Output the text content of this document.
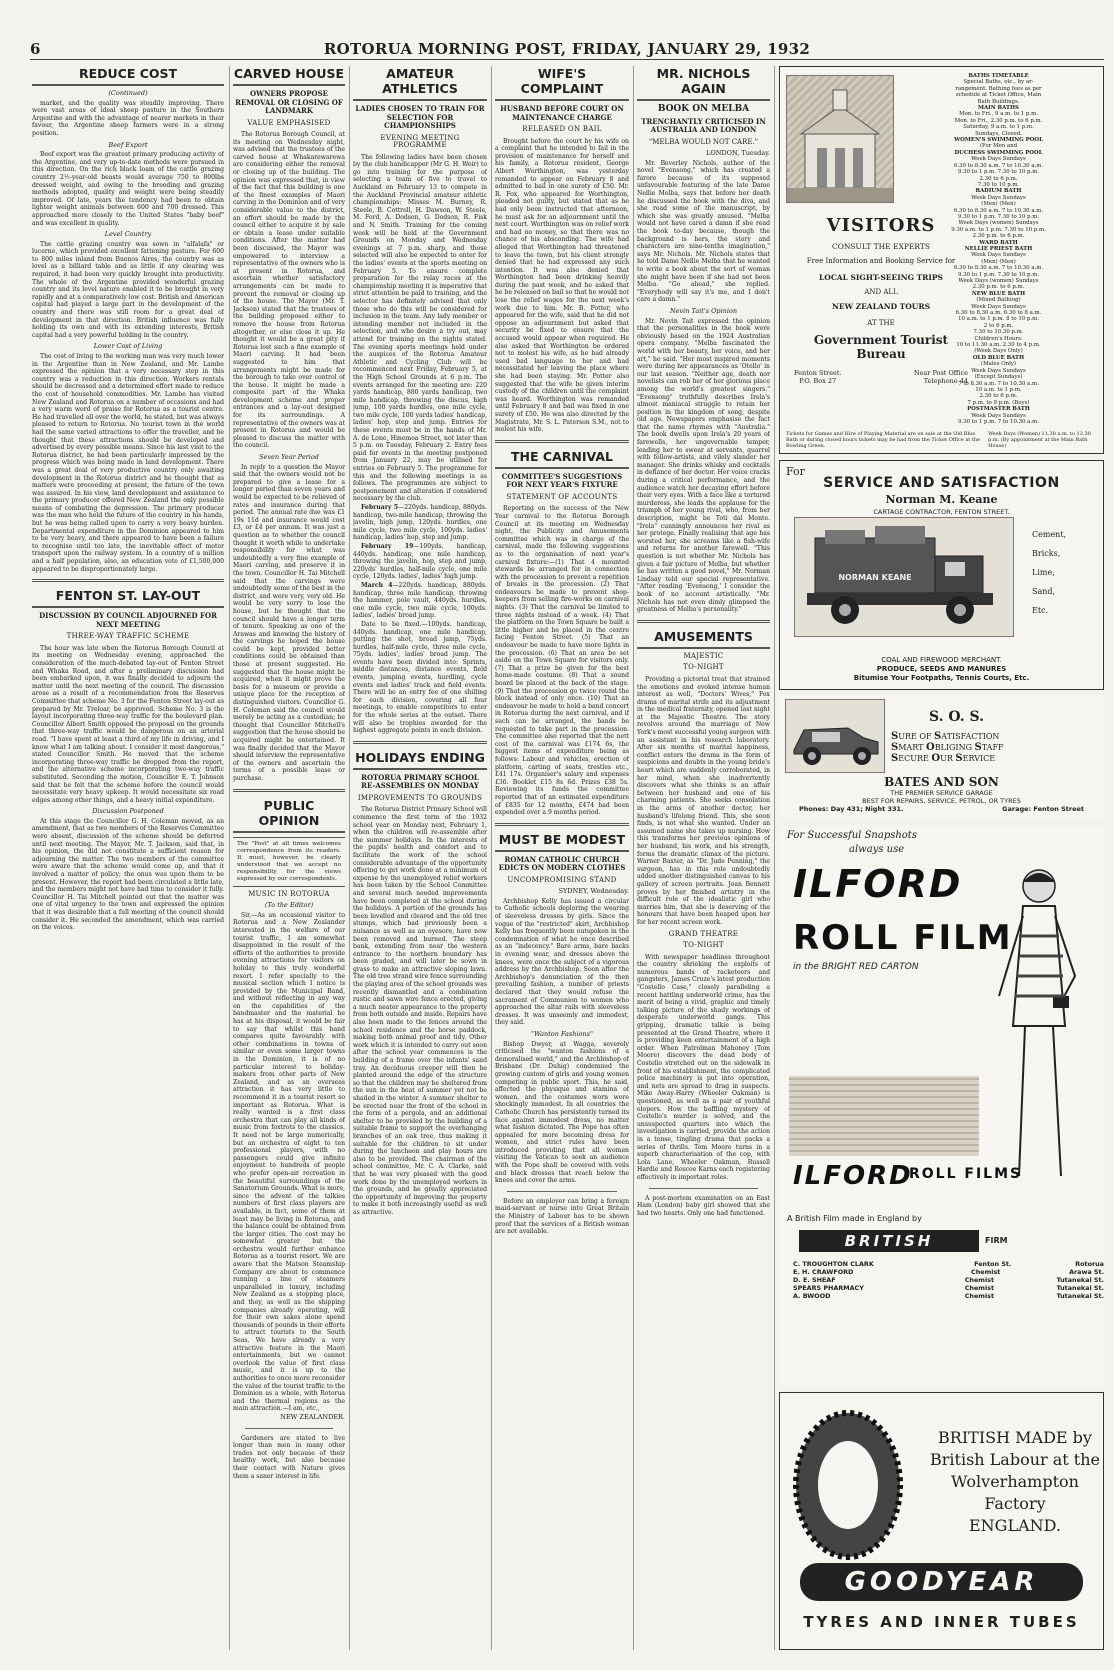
6	ROTORUA MORNING POST, FRIDAY, JANUARY 29, 1932
REDUCE COST
(Continued)

market, and the quality was steadily improving. There were vast areas of ideal sheep pasture in the Southern Argentine and with the advantage of nearer markets in their favour, the Argentine sheep farmers were in a strong position.

Beef Export

Beef export was the greatest primary producing activity of the Argentine, and very up-to-date methods were pursued in this direction. On the rich black loam of the cattle grazing country 2½-year-old beasts would average 750 to 800lbs dressed weight, and owing to the breeding and grazing methods adopted, quality and weight were being steadily improved. Of late, years the tendency had been to obtain lighter weight animals between 600 and 700 dressed. This approached more closely to the United States "baby beef" and was excellent in quality.

Level Country

The cattle grazing country was sown in "alfalafa" or lucerne, which provided excellent fattening pasture. For 600 to 800 miles inland from Buenos Aires, the country was as level as a billiard table and as little if any clearing was required, it had been very quickly brought into productivity. The whole of the Argentine provided wonderful grazing country and its level nature enabled it to be brought in very rapidly and at a comparatively low cost. British and American capital had played a large part in the development of the country and there was still room for a great deal of development in that direction. British influence was fully holding its own and with its extending interests, British capital had a very powerful holding in the country.

Lower Cost of Living

The cost of living to the working man was very much lower in the Argentine than in New Zealand, and Mr. Lambe expressed the opinion that a very necessary step in this country was a reduction in this direction. Workers rentals should be decreased and a determined effort made to reduce the cost of household commodities. Mr. Lambe has visited New Zealand and Rotorua on a number of occasions and had a very warm word of praise for Rotorua as a tourist centre. He had travelled all over the world, he stated, but was always pleased to return to Rotorua. No tourist town in the world had the same varied attractions to offer the traveller, and he thought that these attractions should be developed and advertised by every possible means. Since his last visit to the Rotorua district, he had been particularly impressed by the progress which was being made in land development. There was a great deal of very productive country only awaiting development in the Rotorua district and he thought that as matters were proceeding at present, the future of the town was assured. In his view, land development and assistance to the primary producer offered New Zealand the only possible means of combating the depression. The primary producer was the man who held the future of the country in his hands, but he was being called upon to carry a very heavy burden. Departmental expenditure in the Dominion appeared to him to be very heavy, and there appeared to have been a failure to recognise until too late, the inevitable effect of motor transport upon the railway system. In a country of a million and a half population, also, an education vote of £1,500,000 appeared to be disproportionately large.

FENTON ST. LAY-OUT
DISCUSSION BY COUNCIL ADJOURNED FOR NEXT MEETING
THREE-WAY TRAFFIC SCHEME

The hour was late when the Rotorua Borough Council at its meeting on Wednesday evening, approached the consideration of the much-debated lay-out of Fenton Street and Whaka Road, and after a preliminary discussion had been embarked upon, it was finally decided to adjourn the matter until the next meeting of the council. The discussion arose as a result of a recommendation from the Reserves Committee that scheme No. 3 for the Fenton Street lay-out as prepared by Mr. Treloar, be approved. Scheme No. 3 is the layout incorporating three-way traffic for the boulevard plan. Councillor Albert Smith opposed the proposal on the grounds that three-way traffic would be dangerous on an arterial road. "I have spent at least a third of my life in driving, and I know what I am talking about. I consider it most dangerous," stated Councillor Smith. He moved that the scheme incorporating three-way traffic be dropped from the report, and the alternative scheme incorporating two-way traffic substituted. Seconding the motion, Councillor E. T. Johnson said that he felt that the scheme before the council would necessitate very heavy upkeep. It would necessitate six road edges among other things, and a heavy initial expenditure.

Discussion Postponed

At this stage the Councillor G. H. Coleman moved, as an amendment, that as two members of the Reserves Committee were absent, discussion of the scheme should be deferred until next meeting. The Mayor, Mr. T. Jackson, said that, in his opinion, the did not constitute a sufficient reason for adjourning the matter. The two members of the committee were aware that the scheme would come up, and that it involved a matter of policy; the onus was upon them to be present. However, the report had been circulated a little late, and the members might not have had time to consider it fully. Councillor H. Tai Mitchell pointed out that the matter was one of vital urgency to the town and expressed the opinion that it was desirable that a full meeting of the council should consider it. He seconded the amendment, which was carried on the voices.

CARVED HOUSE
OWNERS PROPOSE REMOVAL OR CLOSING OF LANDMARK
VALUE EMPHASISED

The Rotorua Borough Council, at its meeting on Wednesday night, was advised that the trustees of the carved house at Whakarewarewa are considering either the removal or closing up of the building. The opinion was expressed that, in view of the fact that this building is one of the finest examples of Maori carving in the Dominion and of very considerable value to the district, an effort should be made by the council either to acquire it by sale or obtain a lease under suitable conditions. After the matter had been discussed, the Mayor was empowered to interview a representative of the owners who is at present in Rotorua, and ascertain whether satisfactory arrangements can be made to prevent the removal or closing up of the house. The Mayor (Mr. T. Jackson) stated that the trustees of the building proposed either to remove the house from Rotorua altogether, or else close it up. He thought it would be a great pity if Rotorua lost such a fine example of Maori carving. It had been suggested to him that arrangements might be made for the borough to take over control of the house. It might be made a composite part of the Whaka development scheme and proper entrances and a lay-out designed for its surroundings. A representative of the owners was at present in Rotorua and would be pleased to discuss the matter with the council.

Seven Year Period

In reply to a question the Mayor said that the owners would not be prepared to give a lease for a longer period than seven years and would be expected to be relieved of rates and insurance during that period. The annual rate due was £1 19s 11d and insurance would cost £3, or £4 per annum. It was just a question as to whether the council thought it worth while to undertake responsibility for what was undoubtedly a very fine example of Maori carving, and preserve it in the town. Councillor H. Tai Mitchell said that the carvings were undoubtedly some of the best in the district, and were very, very old. He would be very sorry to lose the house, but he thought that the council should have a longer term of tenure. Speaking as one of the Arawas and knowing the history of the carvings he hoped the house could be kept, provided better conditions could be obtained than those at present suggested. He suggested that the house might be acquired, when it might prove the basis for a museum or provide a unique place for the reception of distinguished visitors. Councillor G. H. Coleman said the council would merely be acting as a custodian; he thought that Councillor Mitchell's suggestion that the house should be acquired might be entertained. It was finally decided that the Mayor should interview the representative of the owners and ascertain the terms of a possible lease or purchase.

PUBLIC OPINION
The "Post" at all times welcomes correspondence from its readers. It must, however, be clearly understood that we accept no responsibility for the views expressed by our correspondents.
MUSIC IN ROTORUA
(To the Editor)

Sir,—As an occasional visitor to Rotorua and a New Zealander interested in the welfare of our tourist traffic, I am somewhat disappointed in the result of the efforts of the authorities to provide evening attractions for visitors on holiday to this truly wonderful resort. I refer specially to the musical section which I notice is provided by the Municipal Band, and without reflecting in any way on the capabilities of the bandmaster and the material he has at his disposal, it would be fair to say that whilst this band compares quite favourably with other combinations in towns of similar or even some larger towns in the Dominion, it is of no particular interest to holiday-makers from other parts of New Zealand, and as an overseas attraction it has very little to recommend it in a tourist resort so important as Rotorua. What is really wanted is a first class orchestra that can play all kinds of music from foxtrots to the classics. It need not be large numerically, but an orchestra of eight to ten professional players, with no passengers could give infinite enjoyment to hundreds of people who prefer open-air recreation in the beautiful surroundings of the Sanatorium Grounds. What is more, since the advent of the talkies numbers of first class players are available, in fact, some of them at least may be living in Rotorua, and the balance could be obtained from the larger cities. The cost may be somewhat greater but the orchestra would further enhance Rotorua as a tourist resort. We are aware that the Matson Steamship Company are about to commence running a line of steamers unparalleled in luxury, including New Zealand as a stopping place, and they, as well as the shipping companies already operating, will for their own sakes alone spend thousands of pounds in their efforts to attract tourists to the South Seas. We have already a very attractive feature in the Maori entertainments, but we cannot overlook the value of first class music, and it is up to the authorities to once more reconsider the value of the tourist traffic to the Dominion as a whole, with Rotorua and the thermal regions as the main attraction.—I am, etc.,

NEW ZEALANDER.

Gardeners are stated to live longer than men in many other trades not only because of their healthy work, but also because their contact with Nature gives them a saner interest in life.

AMATEUR ATHLETICS
LADIES CHOSEN TO TRAIN FOR SELECTION FOR CHAMPIONSHIPS
EVENING MEETING PROGRAMME

The following ladies have been chosen by the club handicapper (Mr G. H. Weir) to go into training for the purpose of selecting a team of five to travel to Auckland on February 13 to compete in the Auckland Provincial amateur athletic championships: Misses M. Burney, R. Steele, B. Cottrell, H. Dawson, W. Steele, M. Ford, A. Dodson, G. Dodson, R. Fisk and N. Smith. Training for the coming week will be held at the Government Grounds on Monday and Wednesday evenings at 7 p.m. sharp, and those selected will also be expected to enter for the ladies' events at the sports meeting on February 5. To ensure complete preparation for the relay races at the championship meeting it is imperative that strict attention be paid to training, and the selector has definitely advised that only those who do this will be considered for inclusion in the team. Any lady member or intending member not included in the selection, and who desire a try out, may attend for training on the nights stated. The evening sports meetings held under the auspices of the Rotorua Amateur Athletic and Cycling Club will be recommenced next Friday, February 5, at the High School Grounds at 6 p.m. The events arranged for the meeting are: 220 yards handicap, 880 yards handicap, two mile handicap, throwing the discus, high jump, 100 yards hurdles, one mile cycle, two mile cycle, 100 yards ladies' handicap, ladies' hop, step and jump. Entries for these events must be in the hands of Mr. A. de Lone, Hinemoa Street, not later than 5 p.m. on Tuesday, February 2. Entry fees paid for events in the meeting postponed from January 22, may be utilised for entries on February 5. The programme for this and the following meetings is as follows. The programmes are subject to postponement and alteration if considered necessary by the club.

February 5—220yds. handicap, 880yds. handicap, two-mile handicap, throwing the javelin, high jump, 120yds. hurdles, one mile cycle, two mile cycle, 100yds. ladies' handicap, ladies' hop, step and jump.

February 19—100yds. handicap, 440yds. handicap, one mile handicap, throwing the javelin, hop, step and jump, 220yds' hurdles, half-mile cycle, one mile cycle, 120yds. ladies', ladies' high jump.

March 4—220yds. handicap, 880yds. handicap, three mile handicap, throwing the hammer, pole vault, 440yds. hurdles, one mile cycle, two mile cycle, 100yds. ladies', ladies' broad jump.

Date to be fixed.—100yds. handicap, 440yds. handicap, one mile handicap, putting the shot, broad jump, 75yds. hurdles, half-mile cycle, three mile cycle, 75yds. ladies', ladies' broad jump. The events have been divided into: Sprints, middle distances, distance events, field events, jumping events, hurdling, cycle events and ladies' track and field events. There will be an entry fee of one shilling for each division, covering all four meetings, to enable competitors to enter for the whole series at the outset. There will also be trophies awarded for the highest aggregate points in each division.

HOLIDAYS ENDING
ROTORUA PRIMARY SCHOOL RE-ASSEMBLES ON MONDAY
IMPROVEMENTS TO GROUNDS

The Rotorua District Primary School will commence the first term of the 1932 school year on Monday next, February 1, when the children will re-assemble after the summer holidays. In the interests of the pupils' health and comfort and to facilitate the work of the school considerable advantage of the opportunity offering to get work done at a minimum of expense by the unemployed relief workers has been taken by the School Committee and several much needed improvements have been completed at the school during the holidays. A portion of the grounds has been levelled and cleared and the old tree stumps, which had previously been a nuisance as well as an eyesore, have now been removed and burned. The steep bank, extending from near the western entrance to the northern boundary has been graded, and will later be sown in grass to make an attractive sloping lawn. The old tree strand wire fence surrounding the playing area of the school grounds was recently dismantled and a combination rustic and sawn wire fence erected, giving a much neater appearance to the property from both outside and inside. Repairs have also been made to the fences around the school residence and the horse paddock, making both animal proof and tidy. Other work which it is intended to carry out soon after the school year commences is the building of a frame over the infants' sand tray. An deciduous creeper will then be planted around the edge of the structure so that the children may be sheltered from the sun in the heat of summer yet not be shaded in the winter. A summer shelter to be erected near the front of the school in the form of a pergola, and an additional shelter to be provided by the building of a suitable frame to support the overhanging branches of an oak tree, thus making it suitable for the children to sit under during the luncheon and play hours are also to be provided. The chairman of the school committee, Mr. C. A. Clarke, said that he was very pleased with the good work done by the unemployed workers in the grounds, and he greatly appreciated the opportunity of improving the property to make it both increasingly useful as well as attractive.

WIFE'S COMPLAINT
HUSBAND BEFORE COURT ON MAINTENANCE CHARGE
RELEASED ON BAIL

Brought before the court by his wife on a complaint that he intended to fail in the provision of maintenance for herself and his family, a Rotorua resident, George Albert Worthington, was yesterday remanded to appear on February 8 and admitted to bail in one surety of £50. Mr. R. Fox, who appeared for Worthington, pleaded not guilty, but stated that as he had only been instructed that afternoon, he must ask for an adjournment until the next court. Worthington was on relief work and had no money, so that there was no chance of his absconding. The wife had alleged that Worthington had threatened to leave the town, but his client strongly denied that he had expressed any such intention. It was also denied that Worthington had been drinking heavily during the past week, and he asked that he be released on bail so that he would not lose the relief wages for the next week's work due to him. Mr. B. Potter, who appeared for the wife, said that he did not oppose an adjournment but asked that security be fixed to ensure that the accused would appear when required. He also asked that Worthington be ordered not to molest his wife, as he had already used bad language to her and had necessitated her leaving the place where she had been staying. Mr. Potter also suggested that the wife be given interim custody of the children until the complaint was heard. Worthington was remanded until February 8 and bail was fixed in one surety of £50. He was also directed by the Magistrate, Mr. S. L. Paterson S.M., not to molest his wife.

THE CARNIVAL
COMMITTEE'S SUGGESTIONS FOR NEXT YEAR'S FIXTURE
STATEMENT OF ACCOUNTS

Reporting on the success of the New Year carnival to the Rotorua Borough Council at its meeting on Wednesday night, the Publicity and Amusements committee which was in charge of the carnival, made the following suggestions as to the organisation of next year's carnival fixture:—(1) That 4 mounted stewards be arranged for in connection with the procession to prevent a repetition of breaks in the procession. (2) That endeavours be made to prevent shop-keepers from selling fire-works on carnival nights. (3) That the carnival be limited to three nights instead of a week. (4) That the platform on the Town Square be built a little higher and be placed in the centre facing Fenton Street. (5) That an endeavour be made to have more lights in the procession. (6) That an area be set aside on the Town Square for visitors only. (7) That a prize be given for the best home-made costume. (8) That a sound board be placed at the back of the stage. (9) That the procession go twice round the block instead of only once. (10) That an endeavour be made to hold a band concert in Rotorua during the next carnival, and if such can be arranged, the bands be requested to take part in the procession. The committee also reported that the nett cost of the carnival was £174 6s, the biggest items of expenditure being as follows: Labour and vehicles, erection of platform, carting of seats, trestles etc., £41 17s. Organiser's salary and expenses £36. Booklet £15 8s 6d. Prizes £38 5s. Reviewing its funds the committee reported that of an estimated expenditure of £835 for 12 months, £474 had been expended over a 9 months period.

MUST BE MODEST
ROMAN CATHOLIC CHURCH EDICTS ON MODERN CLOTHES
UNCOMPROMISING STAND
SYDNEY, Wednesday.

Archbishop Kelly has issued a circular to Catholic schools deploring the wearing of sleeveless dresses by girls. Since the vogue of the "restricted" skirt, Archbishop Kelly has frequently been outspoken in the condemnation of what he once described as an "indecency." Bare arms, bare backs in evening wear, and dresses above the knees, were once the subject of a vigorous address by the Archbishop. Soon after the Archbishop's denunciation of the then prevailing fashion, a number of priests declared that they would refuse the sacrament of Communion to women who approached the altar rails with sleeveless dresses. It was unseemly and immodest, they said.

"Wanton Fashions"

Bishop Dwyer, at Wagga, severely criticised the "wanton fashions of a demoralised world," and the Archbishop of Brisbane (Dr. Duhig) condemned the growing custom of girls and young women competing in public sport. This, he said, affected the physique and stamina of women, and the costumes worn were shockingly immodest. In all countries the Catholic Church has persistently turned its face against immodest dress, no matter what fashion dictated. The Pope has often appealed for more becoming dress for women, and strict rules have been introduced providing that all women visiting the Vatican to seek an audience with the Pope shall be covered with veils and black dresses that reach below the knees and cover the arms.

Before an employer can bring a foreign maid-servant or nurse into Great Britain the Ministry of Labour has to be shown proof that the services of a British woman are not available.

MR. NICHOLS AGAIN
BOOK ON MELBA
TRENCHANTLY CRITICISED IN AUSTRALIA AND LONDON
"MELBA WOULD NOT CARE."
LONDON, Tuesday.

Mr. Beverley Nichols, author of the novel "Evensong," which has created a furore because of its supposed unfavourable featuring of the late Dame Nellie Melba, says that before her death he discussed the book with the diva, and she read some of the manuscript, by which she was greatly amused. "Melba would not have cared a damn if she read the book to-day because, though the background is hers, the story and characters are nine-tenths imagination," says Mr. Nichols. Mr. Nichols states that he told Dame Nellie Melba that he wanted to write a book about the sort of woman she might have been if she had not been Melba. "Go ahead," she replied. "Everybody will say it's me, and I don't care a damn."

Nevin Tait's Opinion

Mr. Nevin Tait expressed the opinion that the personalities in the book were obviously based on the 1924 Australian opera company. "Melba fascinated the world with her beauty, her voice, and her art," he said. "Her most inspired moments were during her appearances as 'Otello' in our last season. "Neither age, death nor novelists can rob her of her glorious place among the world's greatest singers." "Evensong" truthfully describes Irela's almost maniacal struggle to retain her position in the kingdom of song, despite old age. Newspapers emphasise the fact that the name rhymes with "Australia." The book dwells upon Irela's 20 years of farewells, her ungovernable temper, leading her to swear at servants, quarrel with fellow-artists, and vilely slander her manager. She drinks whisky and cocktails in defiance of her doctor. Her voice cracks during a critical performance, and the audience watch her decaying effort before their very eyes. With a face like a tortured murderess, she leads the applause for the triumph of her young rival, who, from her description, might be Toti dal Monte. "Irela" cunningly announces her rival as her protege. Finally realising that age has worsted her, she screams like a fish-wife and returns for another farewell. "This question is not whether Mr. Nichols has given a fair picture of Melba, but whether he has written a good novel," Mr. Norman Lindsay told our special representative. "After reading 'Evensong,' I consider the book of no account artistically. "Mr. Nichols has not even dimly glimpsed the greatness of Melba's personality."

AMUSEMENTS
MAJESTIC
TO-NIGHT

Providing a pictorial treat that strained the emotions and evoked intense human interest as well, "Doctors' Wives," Fox drama of marital strife and its adjustment in the medical fraternity, opened last night at the Majestic Theatre. The story revolves around the marriage of New York's most successful young surgeon with an assistant in his research laboratory. After six months of marital happiness, conflict enters the drama in the form of suspicions and doubts in the young bride's heart which are suddenly corroborated, in her mind, when she inadvertently discovers what she thinks is an affair between her husband and one of his charming patients. She seeks consolation in the arms of another doctor, her husband's lifelong friend. This, she soon finds, is not what she wanted. Under an assumed name she takes up nursing. How this transforms her previous opinions of her husband, his work, and his strength, forms the dramatic climax of the picture. Warner Baxter, as "Dr. Jude Penning," the surgeon, has in this role undoubtedly added another distinguished canvas to his gallery of screen portraits. Joan Bennett proves by her finished artistry in the difficult role of the idealistic girl who marries him, that she is deserving of the honours that have been heaped upon her for her recent screen work.

GRAND THEATRE
TO-NIGHT

With newspaper headlines throughout the country shrieking the exploits of numerous bands of racketeers and gangsters, James Cruze's latest production "Costello Case," closely paralleling a recent battling underworld crime, has the merit of being a vivid, graphic and timely talking picture of the shady workings of desperate underworld gangs. This gripping, dramatic talkie is being presented at the Grand Theatre, where it is providing keen entertainment of a high order. When Patrolman Mahoney (Tom Moore) discovers the dead body of Costello stretched out on the sidewalk in front of his establishment, the complicated police machinery is put into operation, and nets are spread to drag in suspects. Mike Away-Harry (Wheeler Oakman) is questioned, as well as a pair of youthful elopers. How the baffling mystery of Costello's murder is solved, and the unsuspected quarters into which the investigation is carried, provide the action in a tense, tingling drama that packs a series of thrills. Tom Moore turns in a superb characterisation of the cop, with Lola Lane, Wheeler Oakman, Russell Hardie and Roscoe Karns each registering effectively in important roles.

A post-mortem examination on an East Ham (London) baby girl showed that she had two hearts. Only one had functioned.

BATHS TIMETABLE
Special Baths, etc., by ar-
rangement. Bathing fees as per
schedule at Ticket Office, Main
Bath Buildings.
MAIN BATHS
Mon. to Fri., 9 a.m. to 1 p.m.
Mon. to Fri., 2.30 p.m. to 6 p.m.
Saturday, 9 a.m. to 1 p.m.
Sundays, Closed.
WOMEN'S SWIMMING POOL
(For Men and
DUCHESS SWIMMING POOL
Week Days Sundays
6.30 to 8.30 a.m. 7 to 10.30 a.m.
9.30 to 1 p.m. 7.30 to 10 p.m.
2.30 to 6 p.m.
7.30 to 10 p.m.
RADIUM BATH
Week Days Sundays
(Men) (Men)
6.30 to 8.30 a.m. 7 to 10.30 a.m.
9.30 to 1 p.m. 7.30 to 10 p.m.
Week Days (women) Sundays
9.30 a.m. to 1 p.m. 7.30 to 10 p.m.
2.30 p.m. to 6 p.m.
WARD BATH
NELLIE PRIEST BATH
Week Days Sundays
(Men) (Men)
6.30 to 8.30 a.m. 7 to 10.30 a.m.
9.30 to 1 p.m. 7.30 to 10 p.m.
Week Days (women) Sundays
2.30 p.m. to 6 p.m.
NEW BLUE BATH
(Mixed Bathing)
Week Days Sundays
6.30 to 8.30 a.m. 6.30 to 8 a.m.
10 a.m. to 1 p.m. 8 to 10 p.m.
2 to 6 p.m.
7.30 to 10.30 p.m.
Children's Hours:
10 to 11.30 a.m. 2.30 to 4 p.m.
(Week Days Only)
OLD BLUE BATH
(Males Only)
Week Days Sundays
(Except Sundays)
7 to 8.30 a.m. 7 to 10.30 a.m.
10 a.m. to 1 p.m.
2.30 to 6 p.m.
7 p.m. to 9 p.m. (Boys)
POSTMASTER BATH
Week Days Sundays
9.30 to 1 p.m. 7 to 10.30 a.m.
VISITORS
CONSULT THE EXPERTS
Free Information and Booking Service for
LOCAL SIGHT-SEEING TRIPS
AND ALL
NEW ZEALAND TOURS
AT THE
Government Tourist
Bureau
Fenton Street.
P.O. Box 27
Near Post Office
Telephone 44
Tickets for Games and Hire of Playing Material are on sale at the Old Blue Bath or during closed hours tickets may be had from the Ticket Office at the Bowling Green.
Week Days (Women) 11.30 a.m. to 12.30 p.m. (By appointment at the Main Bath House)
For
SERVICE AND SATISFACTION
Norman M. Keane
CARTAGE CONTRACTOR, FENTON STREET.
NORMAN KEANE
Cement,
Bricks,
Lime,
Sand,
Etc.
COAL AND FIREWOOD MERCHANT.
PRODUCE, SEEDS AND MANURES
Bitumise Your Footpaths, Tennis Courts, Etc.
S. O. S.
SURE OF SATISFACTION
SMART OBLIGING STAFF
SECURE OUR SERVICE
BATES AND SON
THE PREMIER SERVICE GARAGE
BEST FOR REPAIRS, SERVICE, PETROL, OR TYRES
Phones: Day 431; Night 331.	Garage: Fenton Street
For Successful Snapshots
always use
ILFORD
ROLL FILM
in the BRIGHT RED CARTON
ILFORD
ROLL FILMS
A British Film made in England by
BRITISH	FIRM
C. TROUGHTON CLARK	Fenton St.	Rotorua
E. H. CRAWFORD	Chemist	Arawa St.
D. E. SHEAF	Chemist	Tutanekai St.
SPEARS PHARMACY	Chemist	Tutanekai St.
A. BWOOD	Chemist	Tutanekai St.
BRITISH MADE by
British Labour at the
Wolverhampton Factory
ENGLAND.
GOODYEAR
TYRES AND INNER TUBES
